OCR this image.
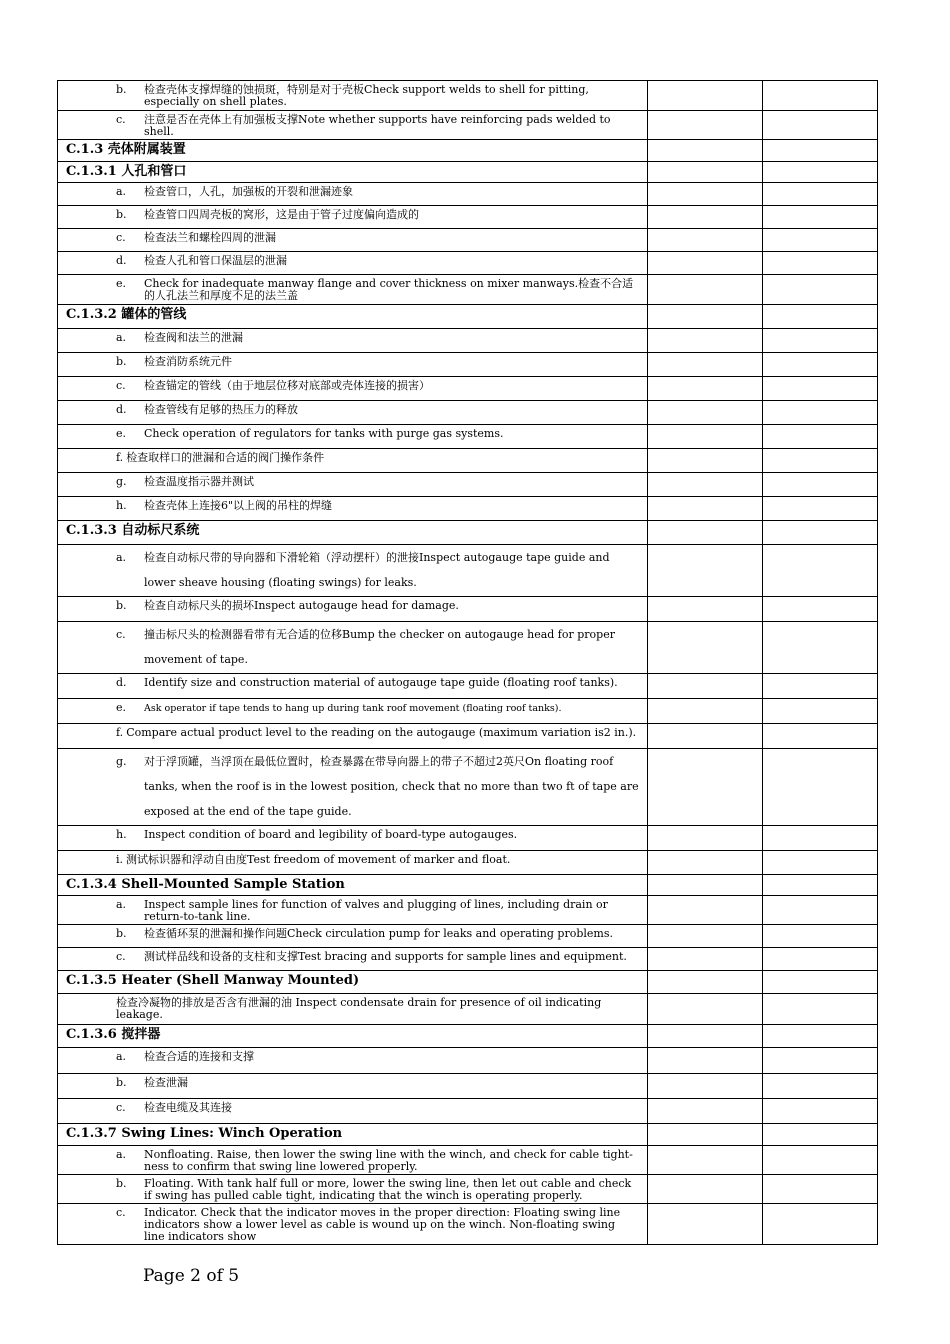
b. 检查壳体支撑焊缝的蚀损斑，特别是对于壳板Check support welds to shell for pitting, especially on shell plates.		

c. 注意是否在壳体上有加强板支撑Note whether supports have reinforcing pads welded to shell.		

C.1.3 壳体附属装置		

C.1.3.1 人孔和管口		

a. 检查管口，人孔，加强板的开裂和泄漏迹象		

b. 检查管口四周壳板的窝形，这是由于管子过度偏向造成的		

c. 检查法兰和螺栓四周的泄漏		

d. 检查人孔和管口保温层的泄漏		

e. Check for inadequate manway flange and cover thickness on mixer manways.检查不合适的人孔法兰和厚度不足的法兰盖		

C.1.3.2 罐体的管线		

a. 检查阀和法兰的泄漏		

b. 检查消防系统元件		

c. 检查锚定的管线（由于地层位移对底部或壳体连接的损害）		

d. 检查管线有足够的热压力的释放		

e. Check operation of regulators for tanks with purge gas systems.		

f. 检查取样口的泄漏和合适的阀门操作条件		

g. 检查温度指示器并测试		

h. 检查壳体上连接6"以上阀的吊柱的焊缝		

C.1.3.3 自动标尺系统		

a. 检查自动标尺带的导向器和下滑轮箱（浮动摆杆）的泄接Inspect autogauge tape guide and lower sheave housing (floating swings) for leaks.		

b. 检查自动标尺头的损坏Inspect autogauge head for damage.		

c. 撞击标尺头的检测器看带有无合适的位移Bump the checker on autogauge head for proper movement of tape.		

d. Identify size and construction material of autogauge tape guide (floating roof tanks).		

e. Ask operator if tape tends to hang up during tank roof movement (floating roof tanks).		

f. Compare actual product level to the reading on the autogauge (maximum variation is2 in.).		

g. 对于浮顶罐，当浮顶在最低位置时，检查暴露在带导向器上的带子不超过2英尺On floating roof tanks, when the roof is in the lowest position, check that no more than two ft of tape are exposed at the end of the tape guide.		

h. Inspect condition of board and legibility of board-type autogauges.		

i. 测试标识器和浮动自由度Test freedom of movement of marker and float.		

C.1.3.4 Shell-Mounted Sample Station		

a. Inspect sample lines for function of valves and plugging of lines, including drain or return-to-tank line.		

b. 检查循环泵的泄漏和操作问题Check circulation pump for leaks and operating problems.		

c. 测试样品线和设备的支柱和支撑Test bracing and supports for sample lines and equipment.		

C.1.3.5 Heater (Shell Manway Mounted)		

检查冷凝物的排放是否含有泄漏的油 Inspect condensate drain for presence of oil indicating leakage.		

C.1.3.6 搅拌器		

a. 检查合适的连接和支撑		

b. 检查泄漏		

c. 检查电缆及其连接		

C.1.3.7 Swing Lines: Winch Operation		

a. Nonfloating. Raise, then lower the swing line with the winch, and check for cable tight- ness to confirm that swing line lowered properly.		

b. Floating. With tank half full or more, lower the swing line, then let out cable and check if swing has pulled cable tight, indicating that the winch is operating properly.		

c. Indicator. Check that the indicator moves in the proper direction: Floating swing line indicators show a lower level as cable is wound up on the winch. Non-floating swing line indicators show		

Page 2 of 5
